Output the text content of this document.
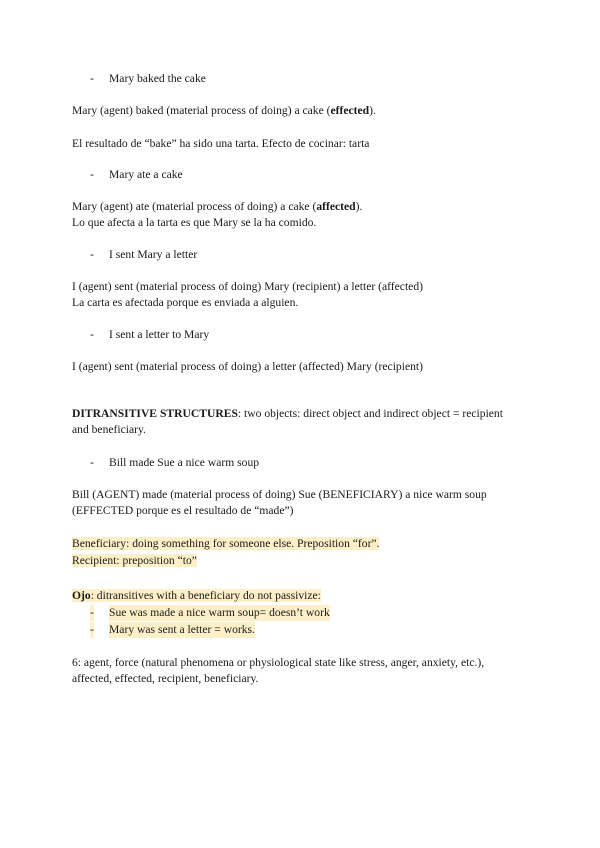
- Mary baked the cake
Mary (agent) baked (material process of doing) a cake (effected).
El resultado de “bake” ha sido una tarta. Efecto de cocinar: tarta
- Mary ate a cake
Mary (agent) ate (material process of doing) a cake (affected).
Lo que afecta a la tarta es que Mary se la ha comido.
- I sent Mary a letter
I (agent) sent (material process of doing) Mary (recipient) a letter (affected)
La carta es afectada porque es enviada a alguien.
- I sent a letter to Mary
I (agent) sent (material process of doing) a letter (affected) Mary (recipient)
DITRANSITIVE STRUCTURES: two objects: direct object and indirect object = recipient
and beneficiary.
- Bill made Sue a nice warm soup
Bill (AGENT) made (material process of doing) Sue (BENEFICIARY) a nice warm soup
(EFFECTED porque es el resultado de “made”)
Beneficiary: doing something for someone else. Preposition “for”.
Recipient: preposition “to”
Ojo: ditransitives with a beneficiary do not passivize:
- Sue was made a nice warm soup= doesn’t work
- Mary was sent a letter = works.
6: agent, force (natural phenomena or physiological state like stress, anger, anxiety, etc.),
affected, effected, recipient, beneficiary.
